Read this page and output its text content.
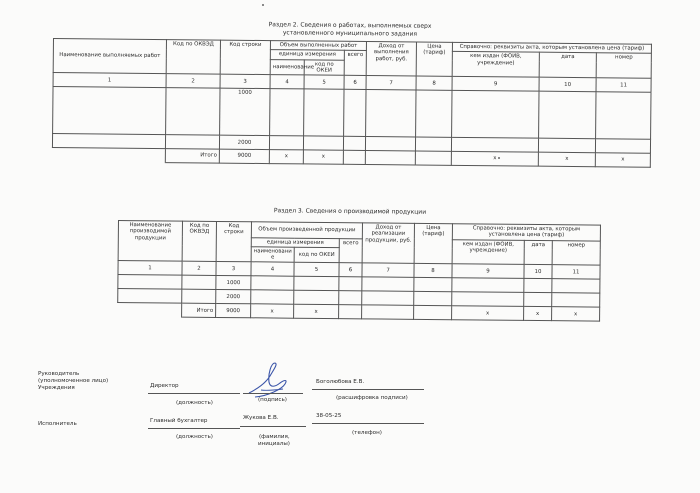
Раздел 2. Сведения о работах, выполняемых сверх
установленного муниципального задания
Наименование выполняемых работ	Код по ОКВЭД	Код строки	Объем выполненных работ			Доход от выполнения работ, руб.	Цена (тариф)	Справочно: реквизиты акта, которым установлена цена (тариф)		
			единица измерения		всего			кем издан (ФОИВ, учреждение)	дата	номер
			наименование	код по ОКЕИ						
1	2	3	4	5	6	7	8	9	10	11
		1000								
		2000								
	Итого	9000	x	x				x	x	x
Раздел 3. Сведения о производимой продукции
Наименование производимой продукции	Код по ОКВЭД	Код строки	Объем произведенной продукции			Доход от реализации продукции, руб.	Цена (тариф)	Справочно: реквизиты акта, которым установлена цена (тариф)		
			единица измерения		всего			кем издан (ФОИВ, учреждение)	дата	номер
			наименовани е	код по ОКЕИ						
1	2	3	4	5	6	7	8	9	10	11
		1000								
		2000								
	Итого	9000	x	x				x	x	x
Руководитель
(уполномоченное лицо)
Учреждения	Директор
(должность)	(подпись)
Боголюбова Е.В.
(расшифровка подписи)
Исполнитель	Главный бухгалтер
(должность)
Жукова Е.В.
(фамилия,
инициалы)
38-05-25
(телефон)
